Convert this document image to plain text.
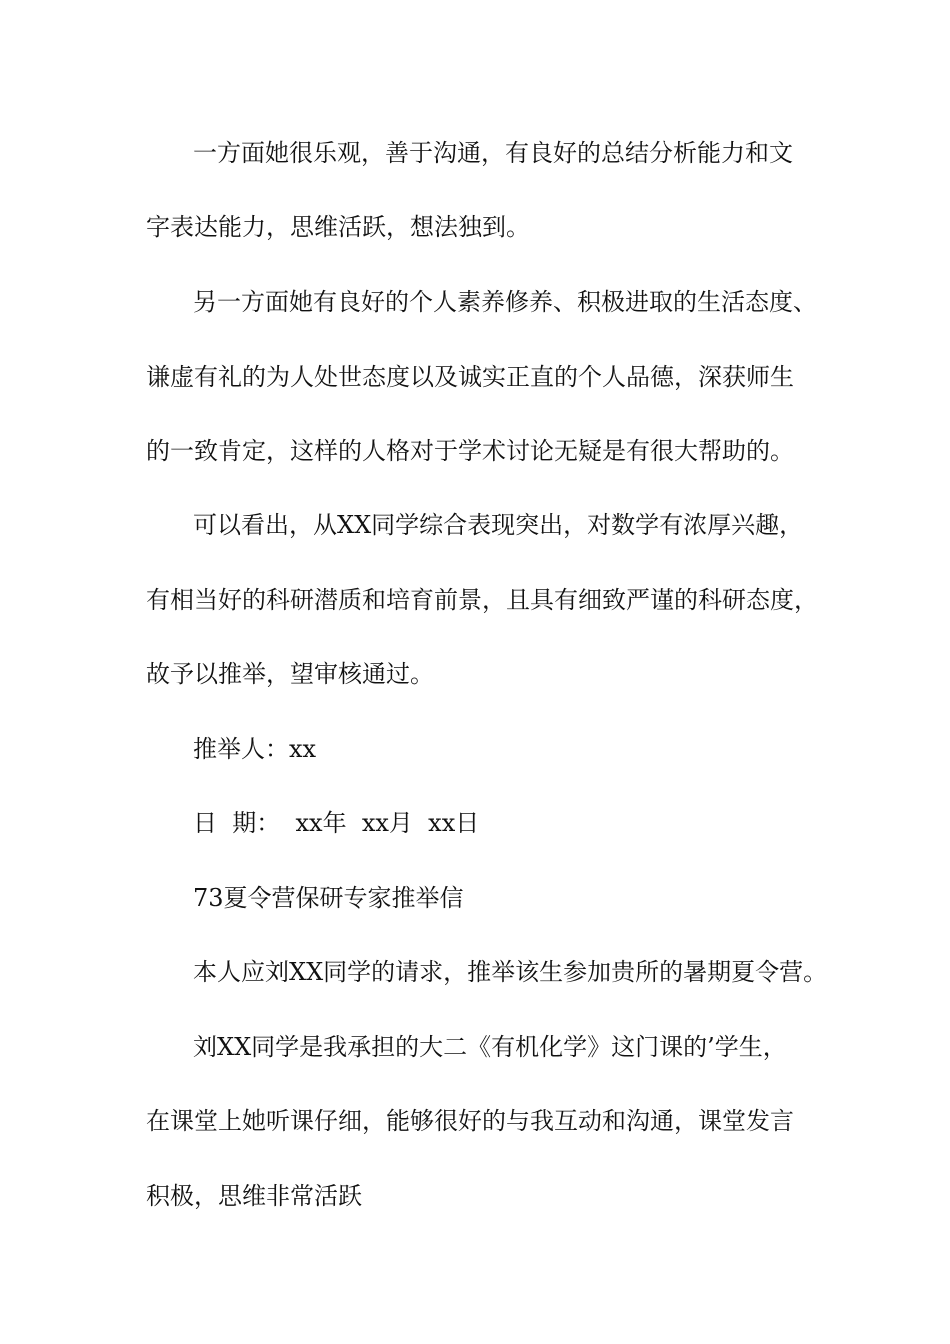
一方面她很乐观，善于沟通，有良好的总结分析能力和文

字表达能力，思维活跃，想法独到。

另一方面她有良好的个人素养修养、积极进取的生活态度、

谦虚有礼的为人处世态度以及诚实正直的个人品德，深获师生

的一致肯定，这样的人格对于学术讨论无疑是有很大帮助的。

可以看出，从XX同学综合表现突出，对数学有浓厚兴趣，

有相当好的科研潜质和培育前景，且具有细致严谨的科研态度，

故予以推举，望审核通过。

推举人：xx

日  期：  xx年  xx月  xx日

73夏令营保研专家推举信

本人应刘XX同学的请求，推举该生参加贵所的暑期夏令营。

刘XX同学是我承担的大二《有机化学》这门课的’学生，

在课堂上她听课仔细，能够很好的与我互动和沟通，课堂发言

积极，思维非常活跃
